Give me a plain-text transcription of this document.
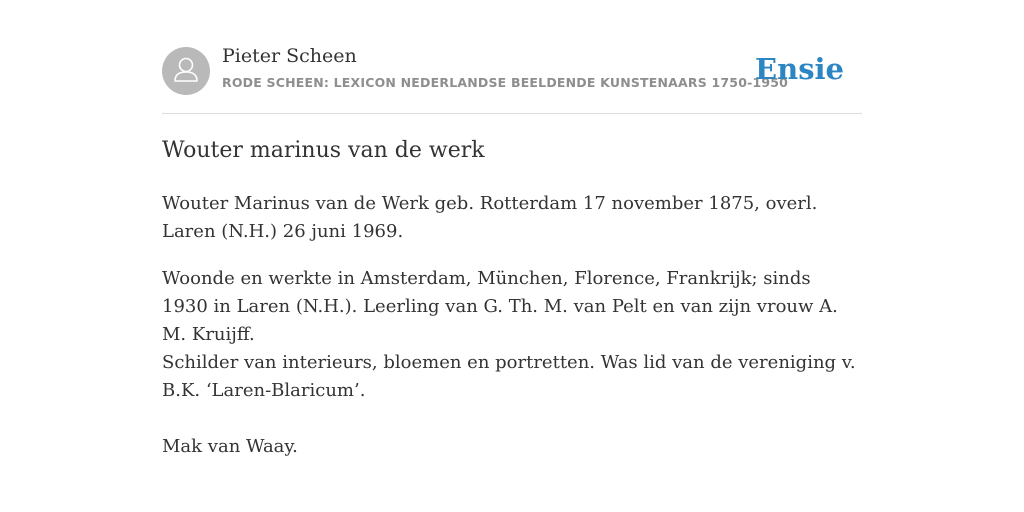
Pieter Scheen
RODE SCHEEN: LEXICON NEDERLANDSE BEELDENDE KUNSTENAARS 1750-1950
Ensie
Wouter marinus van de werk

Wouter Marinus van de Werk geb. Rotterdam 17 november 1875, overl. Laren (N.H.) 26 juni 1969.

Woonde en werkte in Amsterdam, München, Florence, Frankrijk; sinds 1930 in Laren (N.H.). Leerling van G. Th. M. van Pelt en van zijn vrouw A. M. Kruijff.

Schilder van interieurs, bloemen en portretten. Was lid van de vereniging v. B.K. ‘Laren-Blaricum’.

Mak van Waay.
